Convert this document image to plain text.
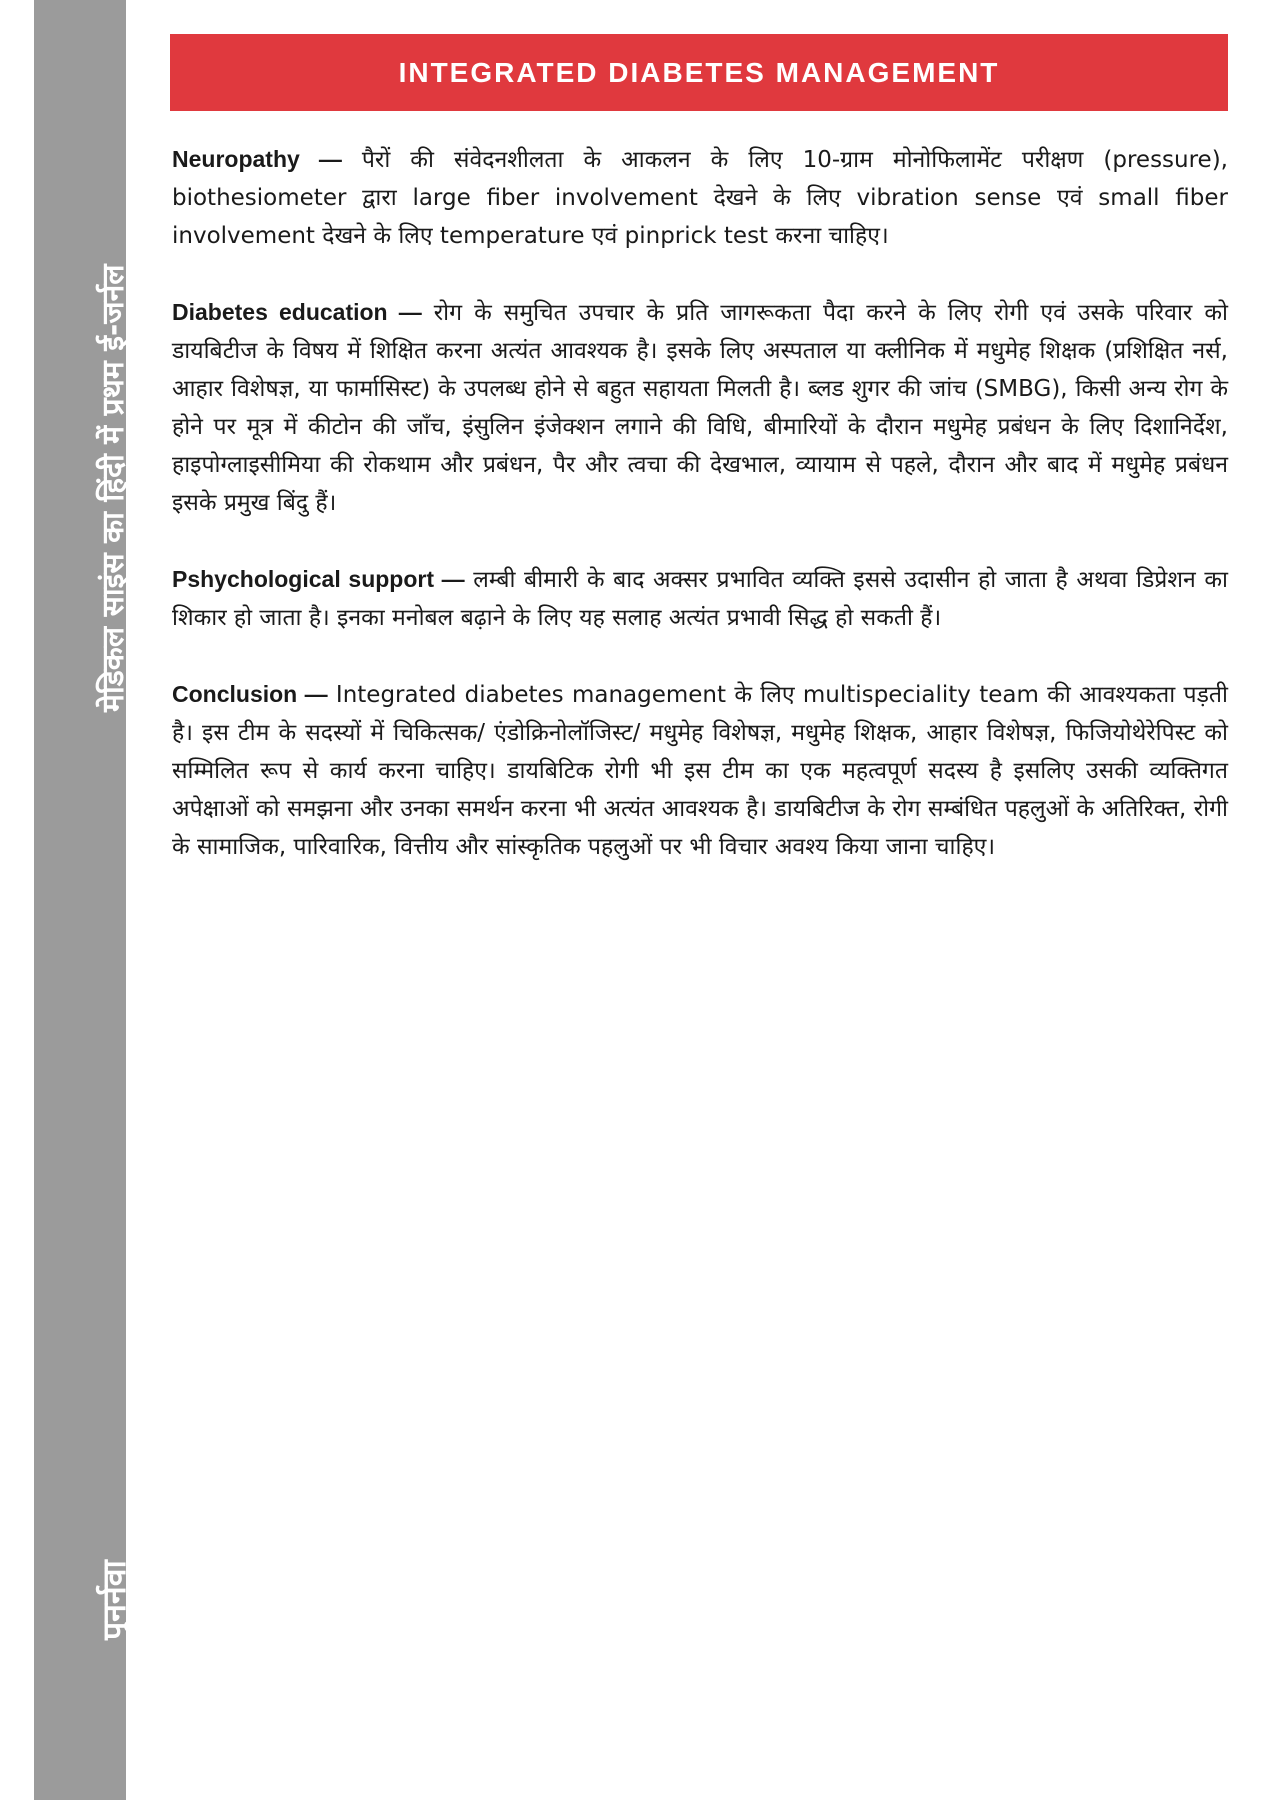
मेडिकल साइंस का हिंदी में प्रथम ई-जर्नल
पुनर्नवा
INTEGRATED DIABETES MANAGEMENT

Neuropathy — पैरों की संवेदनशीलता के आकलन के लिए 10-ग्राम मोनोफिलामेंट परीक्षण (pressure), biothesiometer द्वारा large fiber involvement देखने के लिए vibration sense एवं small fiber involvement देखने के लिए temperature एवं pinprick test करना चाहिए।

Diabetes education — रोग के समुचित उपचार के प्रति जागरूकता पैदा करने के लिए रोगी एवं उसके परिवार को डायबिटीज के विषय में शिक्षित करना अत्यंत आवश्यक है। इसके लिए अस्पताल या क्लीनिक में मधुमेह शिक्षक (प्रशिक्षित नर्स, आहार विशेषज्ञ, या फार्मासिस्ट) के उपलब्ध होने से बहुत सहायता मिलती है। ब्लड शुगर की जांच (SMBG), किसी अन्य रोग के होने पर मूत्र में कीटोन की जाँच, इंसुलिन इंजेक्शन लगाने की विधि, बीमारियों के दौरान मधुमेह प्रबंधन के लिए दिशानिर्देश, हाइपोग्लाइसीमिया की रोकथाम और प्रबंधन, पैर और त्वचा की देखभाल, व्यायाम से पहले, दौरान और बाद में मधुमेह प्रबंधन इसके प्रमुख बिंदु हैं।

Pshychological support — लम्बी बीमारी के बाद अक्सर प्रभावित व्यक्ति इससे उदासीन हो जाता है अथवा डिप्रेशन का शिकार हो जाता है। इनका मनोबल बढ़ाने के लिए यह सलाह अत्यंत प्रभावी सिद्ध हो सकती हैं।

Conclusion — Integrated diabetes management के लिए multispeciality team की आवश्यकता पड़ती है। इस टीम के सदस्यों में चिकित्सक/ एंडोक्रिनोलॉजिस्ट/ मधुमेह विशेषज्ञ, मधुमेह शिक्षक, आहार विशेषज्ञ, फिजियोथेरेपिस्ट को सम्मिलित रूप से कार्य करना चाहिए। डायबिटिक रोगी भी इस टीम का एक महत्वपूर्ण सदस्य है इसलिए उसकी व्यक्तिगत अपेक्षाओं को समझना और उनका समर्थन करना भी अत्यंत आवश्यक है। डायबिटीज के रोग सम्बंधित पहलुओं के अतिरिक्त, रोगी के सामाजिक, पारिवारिक, वित्तीय और सांस्कृतिक पहलुओं पर भी विचार अवश्य किया जाना चाहिए।
